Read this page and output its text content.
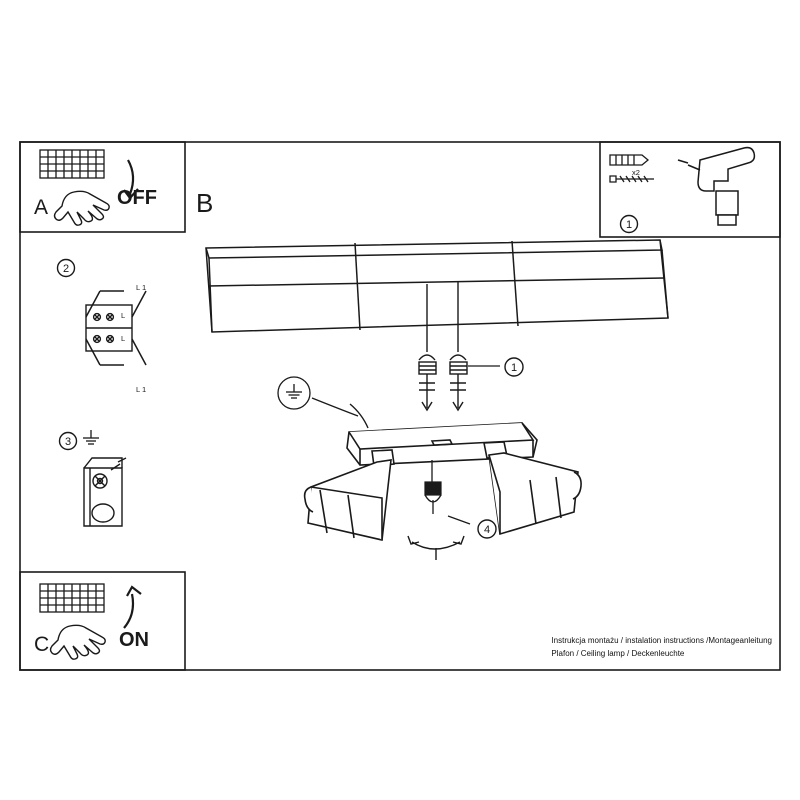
x2
1
2
L 1
L
L
L 1
3
1
4
A	OFF B
C	ON	Instrukcja montażu / instalation instructions /Montageanleitung
Plafon / Ceiling lamp / Deckenleuchte
